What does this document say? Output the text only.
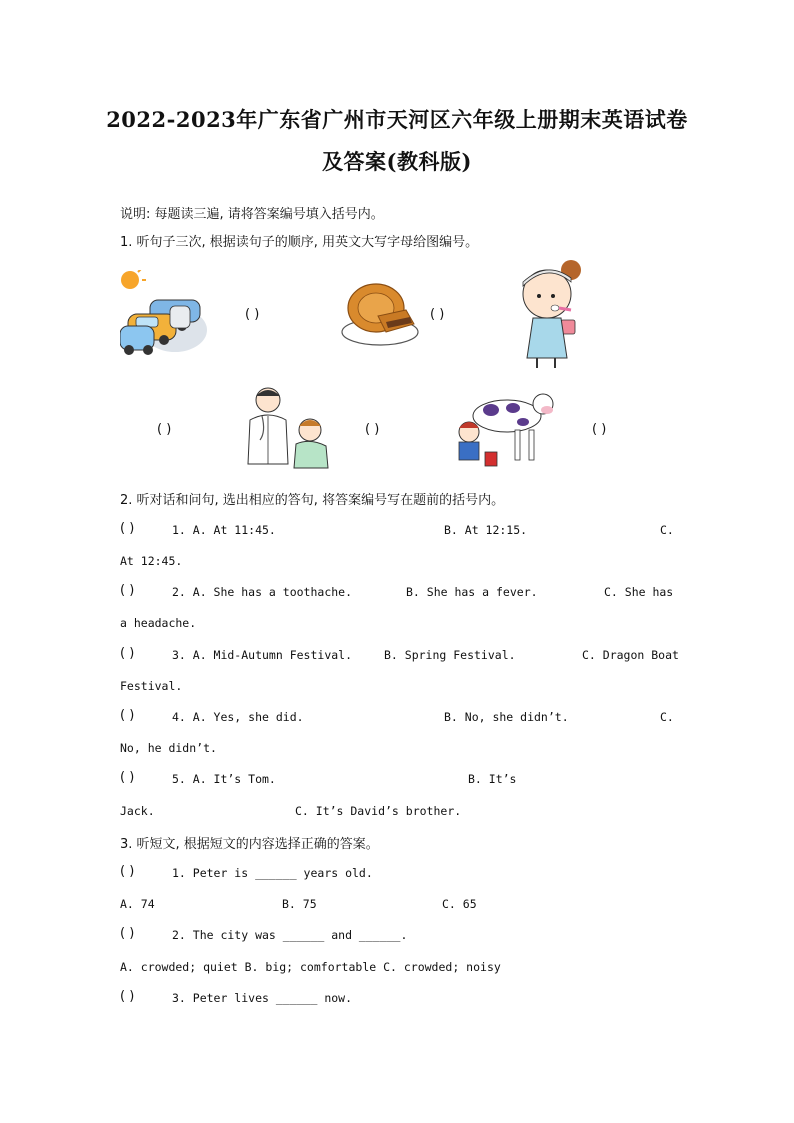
2022-2023年广东省广州市天河区六年级上册期末英语试卷
及答案(教科版)
说明: 每题读三遍, 请将答案编号填入括号内。
1. 听句子三次, 根据读句子的顺序, 用英文大写字母给图编号。
( )	( )
( )	( )	( )
2. 听对话和问句, 选出相应的答句, 将答案编号写在题前的括号内。
( )	1. A. At 11:45.	B. At 12:15.	C.
At 12:45.
( )	2. A. She has a toothache.	B. She has a fever.	C. She has
a headache.
( )	3. A. Mid-Autumn Festival.	B. Spring Festival.	C. Dragon Boat
Festival.
( )	4. A. Yes, she did.	B. No, she didn’t.	C.
No, he didn’t.
( )	5. A. It’s Tom.	B. It’s
Jack.	C. It’s David’s brother.
3. 听短文, 根据短文的内容选择正确的答案。
( )	1. Peter is ______ years old.
A. 74	B. 75	C. 65
( )	2. The city was ______ and ______.
A. crowded; quiet B. big; comfortable C. crowded; noisy
( )	3. Peter lives ______ now.
